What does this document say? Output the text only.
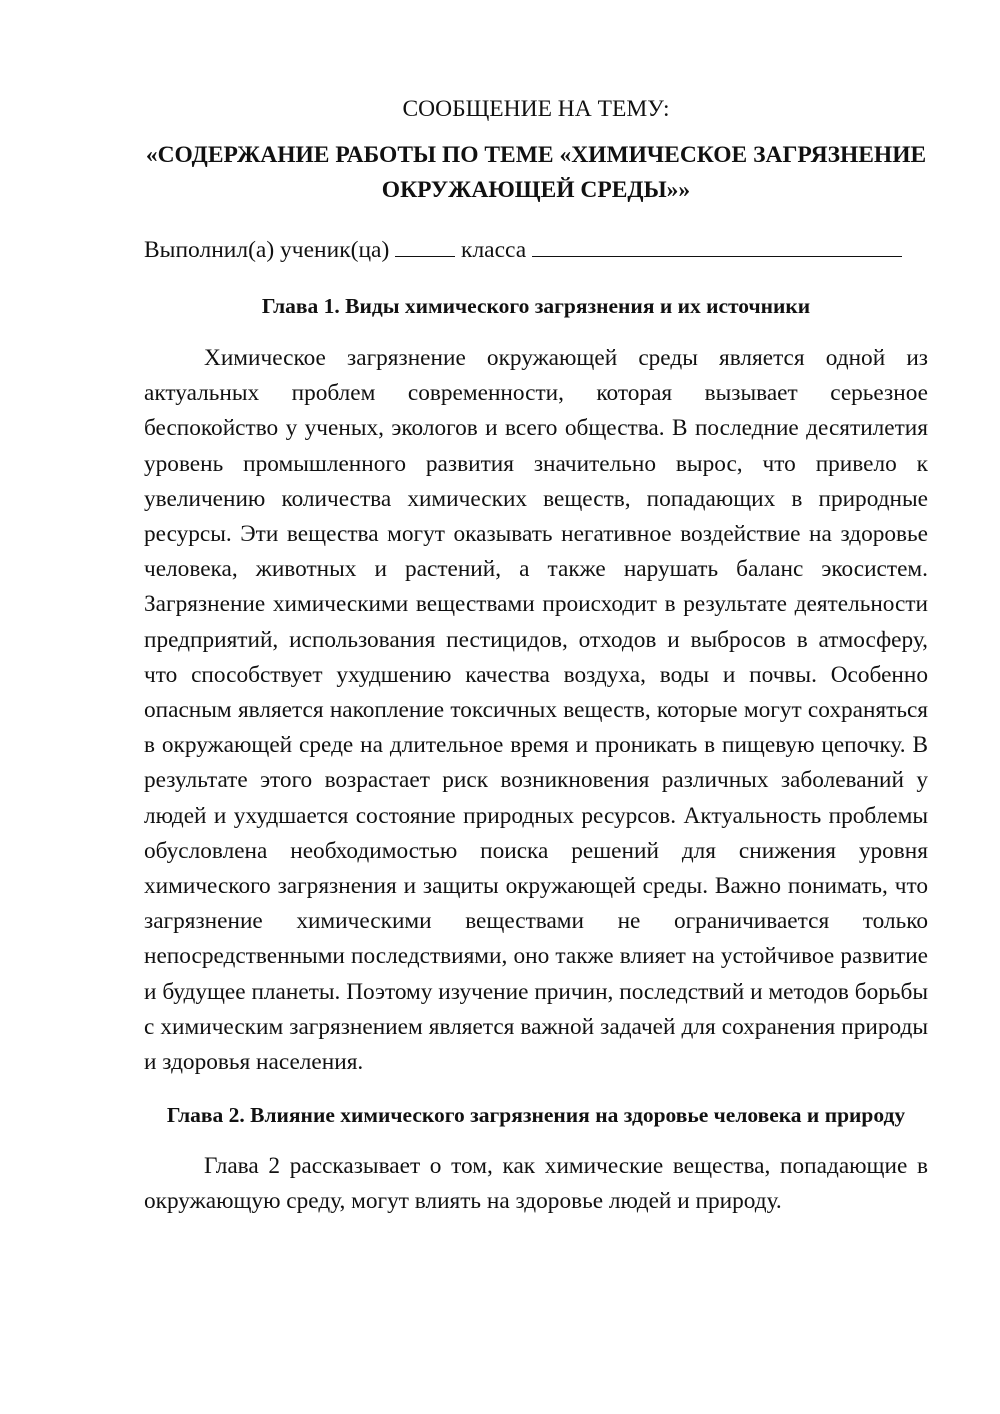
СООБЩЕНИЕ НА ТЕМУ:

«СОДЕРЖАНИЕ РАБОТЫ ПО ТЕМЕ «ХИМИЧЕСКОЕ ЗАГРЯЗНЕНИЕ ОКРУЖАЮЩЕЙ СРЕДЫ»»

Выполнил(а) ученик(ца)	класса

Глава 1. Виды химического загрязнения и их источники

Химическое загрязнение окружающей среды является одной из актуальных проблем современности, которая вызывает серьезное беспокойство у ученых, экологов и всего общества. В последние десятилетия уровень промышленного развития значительно вырос, что привело к увеличению количества химических веществ, попадающих в природные ресурсы. Эти вещества могут оказывать негативное воздействие на здоровье человека, животных и растений, а также нарушать баланс экосистем. Загрязнение химическими веществами происходит в результате деятельности предприятий, использования пестицидов, отходов и выбросов в атмосферу, что способствует ухудшению качества воздуха, воды и почвы. Особенно опасным является накопление токсичных веществ, которые могут сохраняться в окружающей среде на длительное время и проникать в пищевую цепочку. В результате этого возрастает риск возникновения различных заболеваний у людей и ухудшается состояние природных ресурсов. Актуальность проблемы обусловлена необходимостью поиска решений для снижения уровня химического загрязнения и защиты окружающей среды. Важно понимать, что загрязнение химическими веществами не ограничивается только непосредственными последствиями, оно также влияет на устойчивое развитие и будущее планеты. Поэтому изучение причин, последствий и методов борьбы с химическим загрязнением является важной задачей для сохранения природы и здоровья населения.

Глава 2. Влияние химического загрязнения на здоровье человека и природу

Глава 2 рассказывает о том, как химические вещества, попадающие в окружающую среду, могут влиять на здоровье людей и природу.
